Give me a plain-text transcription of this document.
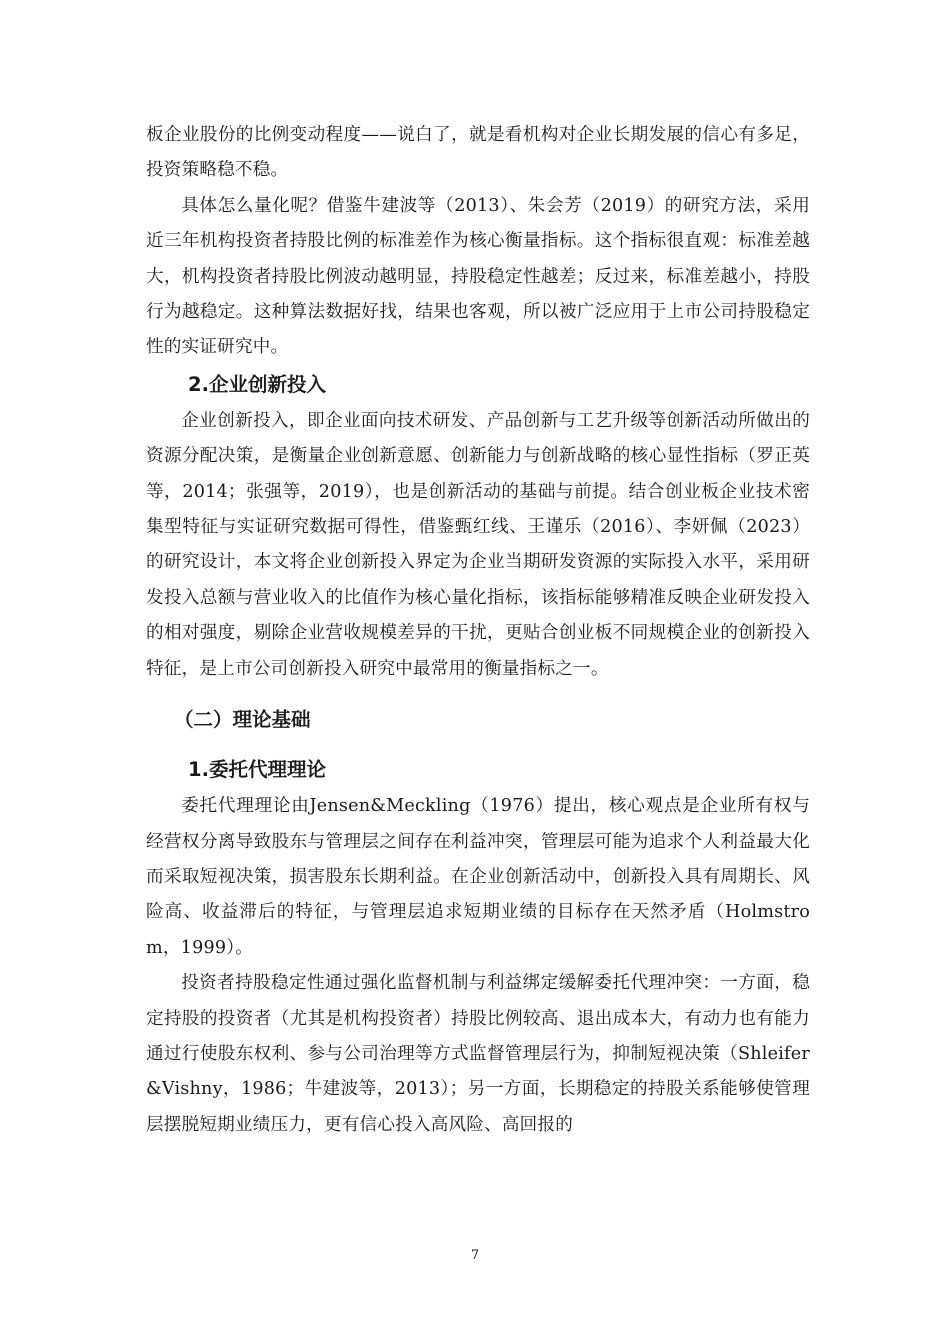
板企业股份的比例变动程度——说白了，就是看机构对企业长期发展的信心有多足，投资策略稳不稳。

具体怎么量化呢？借鉴牛建波等（2013）、朱会芳（2019）的研究方法，采用近三年机构投资者持股比例的标准差作为核心衡量指标。这个指标很直观：标准差越大，机构投资者持股比例波动越明显，持股稳定性越差；反过来，标准差越小，持股行为越稳定。这种算法数据好找，结果也客观，所以被广泛应用于上市公司持股稳定性的实证研究中。

2.企业创新投入

企业创新投入，即企业面向技术研发、产品创新与工艺升级等创新活动所做出的资源分配决策，是衡量企业创新意愿、创新能力与创新战略的核心显性指标（罗正英等，2014；张强等，2019），也是创新活动的基础与前提。结合创业板企业技术密集型特征与实证研究数据可得性，借鉴甄红线、王谨乐（2016）、李妍佩（2023）的研究设计，本文将企业创新投入界定为企业当期研发资源的实际投入水平，采用研发投入总额与营业收入的比值作为核心量化指标，该指标能够精准反映企业研发投入的相对强度，剔除企业营收规模差异的干扰，更贴合创业板不同规模企业的创新投入特征，是上市公司创新投入研究中最常用的衡量指标之一。

（二）理论基础
1.委托代理理论

委托代理理论由Jensen&Meckling（1976）提出，核心观点是企业所有权与经营权分离导致股东与管理层之间存在利益冲突，管理层可能为追求个人利益最大化而采取短视决策，损害股东长期利益。在企业创新活动中，创新投入具有周期长、风险高、收益滞后的特征，与管理层追求短期业绩的目标存在天然矛盾（Holmstrom，1999）。

投资者持股稳定性通过强化监督机制与利益绑定缓解委托代理冲突：一方面，稳定持股的投资者（尤其是机构投资者）持股比例较高、退出成本大，有动力也有能力通过行使股东权利、参与公司治理等方式监督管理层行为，抑制短视决策（Shleifer&Vishny，1986；牛建波等，2013）；另一方面，长期稳定的持股关系能够使管理层摆脱短期业绩压力，更有信心投入高风险、高回报的

7
